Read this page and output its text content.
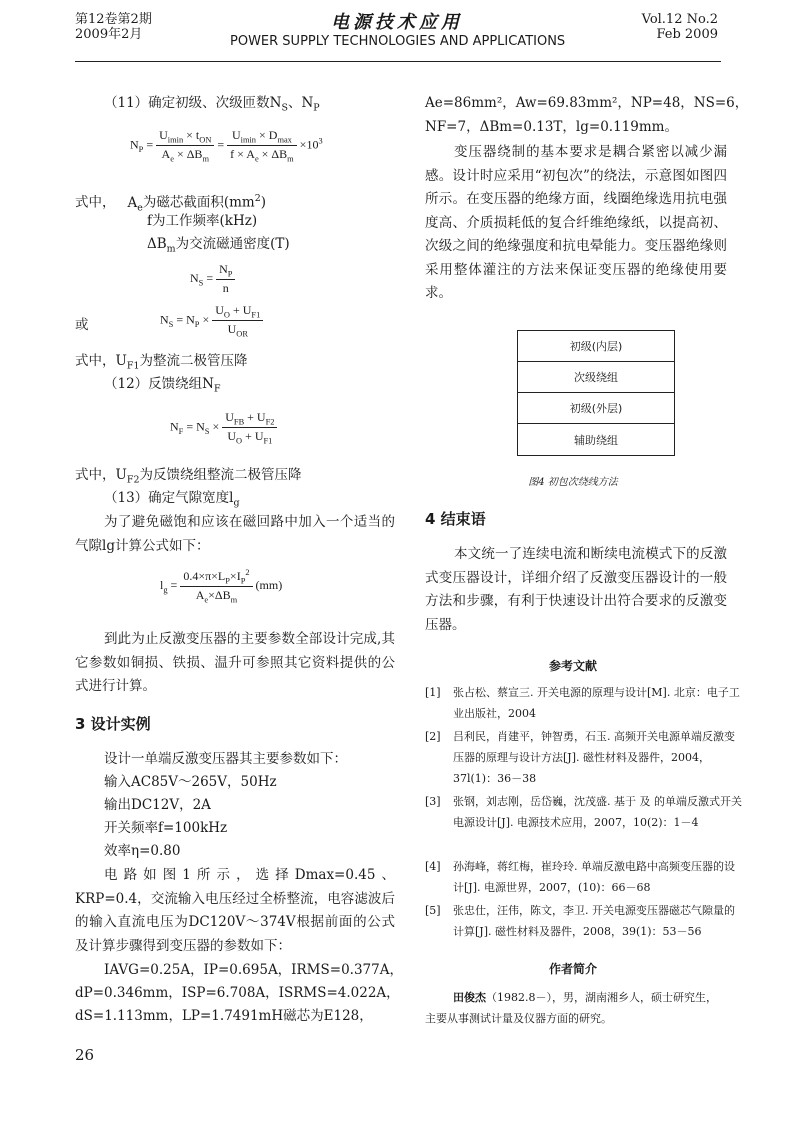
第12卷第2期
2009年2月
电源技术应用
POWER SUPPLY TECHNOLOGIES AND APPLICATIONS
Vol.12 No.2
Feb 2009
（11）确定初级、次级匝数$N_S$、$N_P$
$N_P = \frac{U_{imin} \times t_{ON}}{A_e \times \Delta B_m} = \frac{U_{imin} \times D_{max}}{f \times A_e \times \Delta B_m} \times 10^3$
式中， $A_e$为磁芯截面积$(mm^2)$
f为工作频率(kHz)
$\Delta B_m$为交流磁通密度(T)
$N_S = \frac{N_P}{n}$
或	$N_S = N_P \times \frac{U_O + U_{F1}}{U_{OR}}$
式中，$U_{F1}$为整流二极管压降
（12）反馈绕组$N_F$
$N_F = N_S \times \frac{U_{FB} + U_{F2}}{U_O + U_{F1}}$
式中，$U_{F2}$为反馈绕组整流二极管压降
（13）确定气隙宽度$l_g$
为了避免磁饱和应该在磁回路中加入一个适当的气隙lg计算公式如下：
$l_g = \frac{0.4\times\pi\times L_P\times I_P^2}{A_e\times\Delta B_m} (mm)$
到此为止反激变压器的主要参数全部设计完成,其它参数如铜损、铁损、温升可参照其它资料提供的公式进行计算。
3 设计实例
设计一单端反激变压器其主要参数如下：
输入AC85V～265V，50Hz
输出DC12V，2A
开关频率f=100kHz
效率η=0.80
电路如图1所示，选择Dmax=0.45、KRP=0.4，交流输入电压经过全桥整流，电容滤波后的输入直流电压为DC120V～374V根据前面的公式及计算步骤得到变压器的参数如下：
IAVG=0.25A，IP=0.695A，IRMS=0.377A，
dP=0.346mm，ISP=6.708A，ISRMS=4.022A，
dS=1.113mm，LP=1.7491mH磁芯为E128，
26
Ae=86mm²，Aw=69.83mm²，NP=48，NS=6，
NF=7，ΔBm=0.13T，lg=0.119mm。
变压器绕制的基本要求是耦合紧密以减少漏感。设计时应采用“初包次”的绕法，示意图如图四所示。在变压器的绝缘方面，线圈绝缘选用抗电强度高、介质损耗低的复合纤维绝缘纸，以提高初、次级之间的绝缘强度和抗电晕能力。变压器绝缘则采用整体灌注的方法来保证变压器的绝缘使用要求。
初级(内层)
次级绕组
初级(外层)
辅助绕组
图4 初包次绕线方法
4 结束语
本文统一了连续电流和断续电流模式下的反激式变压器设计，详细介绍了反激变压器设计的一般方法和步骤，有利于快速设计出符合要求的反激变压器。
参考文献
[1] 张占松、蔡宣三. 开关电源的原理与设计[M]. 北京：电子工业出版社，2004
[2] 吕利民，肖建平，钟智勇，石玉. 高频开关电源单端反激变压器的原理与设计方法[J]. 磁性材料及器件，2004，37l(1)：36－38
[3] 张钢，刘志刚，岳岱巍，沈茂盛. 基于 及 的单端反激式开关电源设计[J]. 电源技术应用，2007，10(2)：1－4
[4] 孙海峰，蒋红梅，崔玲玲. 单端反激电路中高频变压器的设计[J]. 电源世界，2007，(10)：66－68
[5] 张忠仕，汪伟，陈文，李卫. 开关电源变压器磁芯气隙量的计算[J]. 磁性材料及器件，2008，39(1)：53－56
作者简介
田俊杰（1982.8－），男，湖南湘乡人，硕士研究生，主要从事测试计量及仪器方面的研究。
